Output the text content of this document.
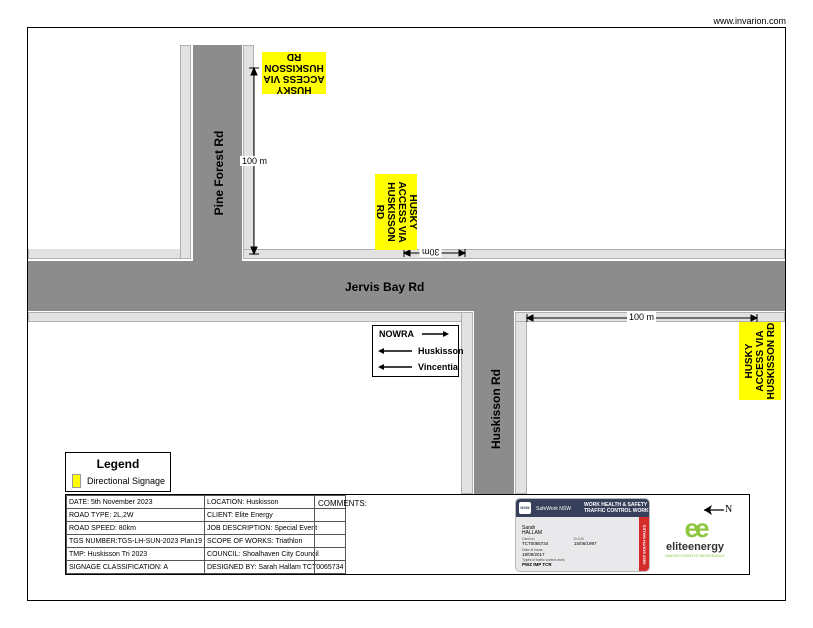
www.invarion.com
Pine Forest Rd
Jervis Bay Rd
Huskisson Rd
100 m
30m
100 m
HUSKY
ACCESS VIA
HUSKISSON RD
HUSKY
ACCESS VIA
HUSKISSON RD
HUSKY ACCESS VIA HUSKISSON RD
NOWRA
Huskisson
Vincentia
Legend
Directional Signage
DATE: 5th November 2023	LOCATION: Huskisson
ROAD TYPE: 2L,2W	CLIENT: Elite Energy
ROAD SPEED: 80km	JOB DESCRIPTION: Special Event
TGS NUMBER:TGS-LH-SUN-2023 Plan19	SCOPE OF WORKS: Triathlon
TMP: Huskisson Tri 2023	COUNCIL: Shoalhaven City Council
SIGNAGE CLASSIFICATION: A	DESIGNED BY: Sarah Hallam TCT0065734
COMMENTS:	NSW SafeWork NSW
WORK HEALTH & SAFETY
TRAFFIC CONTROL WORK
Sarah
HALLAM
Card no
TCT0065734
D.O.B
15/06/1997
Date of Issue
19/09/2017
Types of traffic control work
PWZ IMP TCR
NEW SOUTH WALES	ee
eliteenergy
MAKING EVENTS MEMORABLE
N
